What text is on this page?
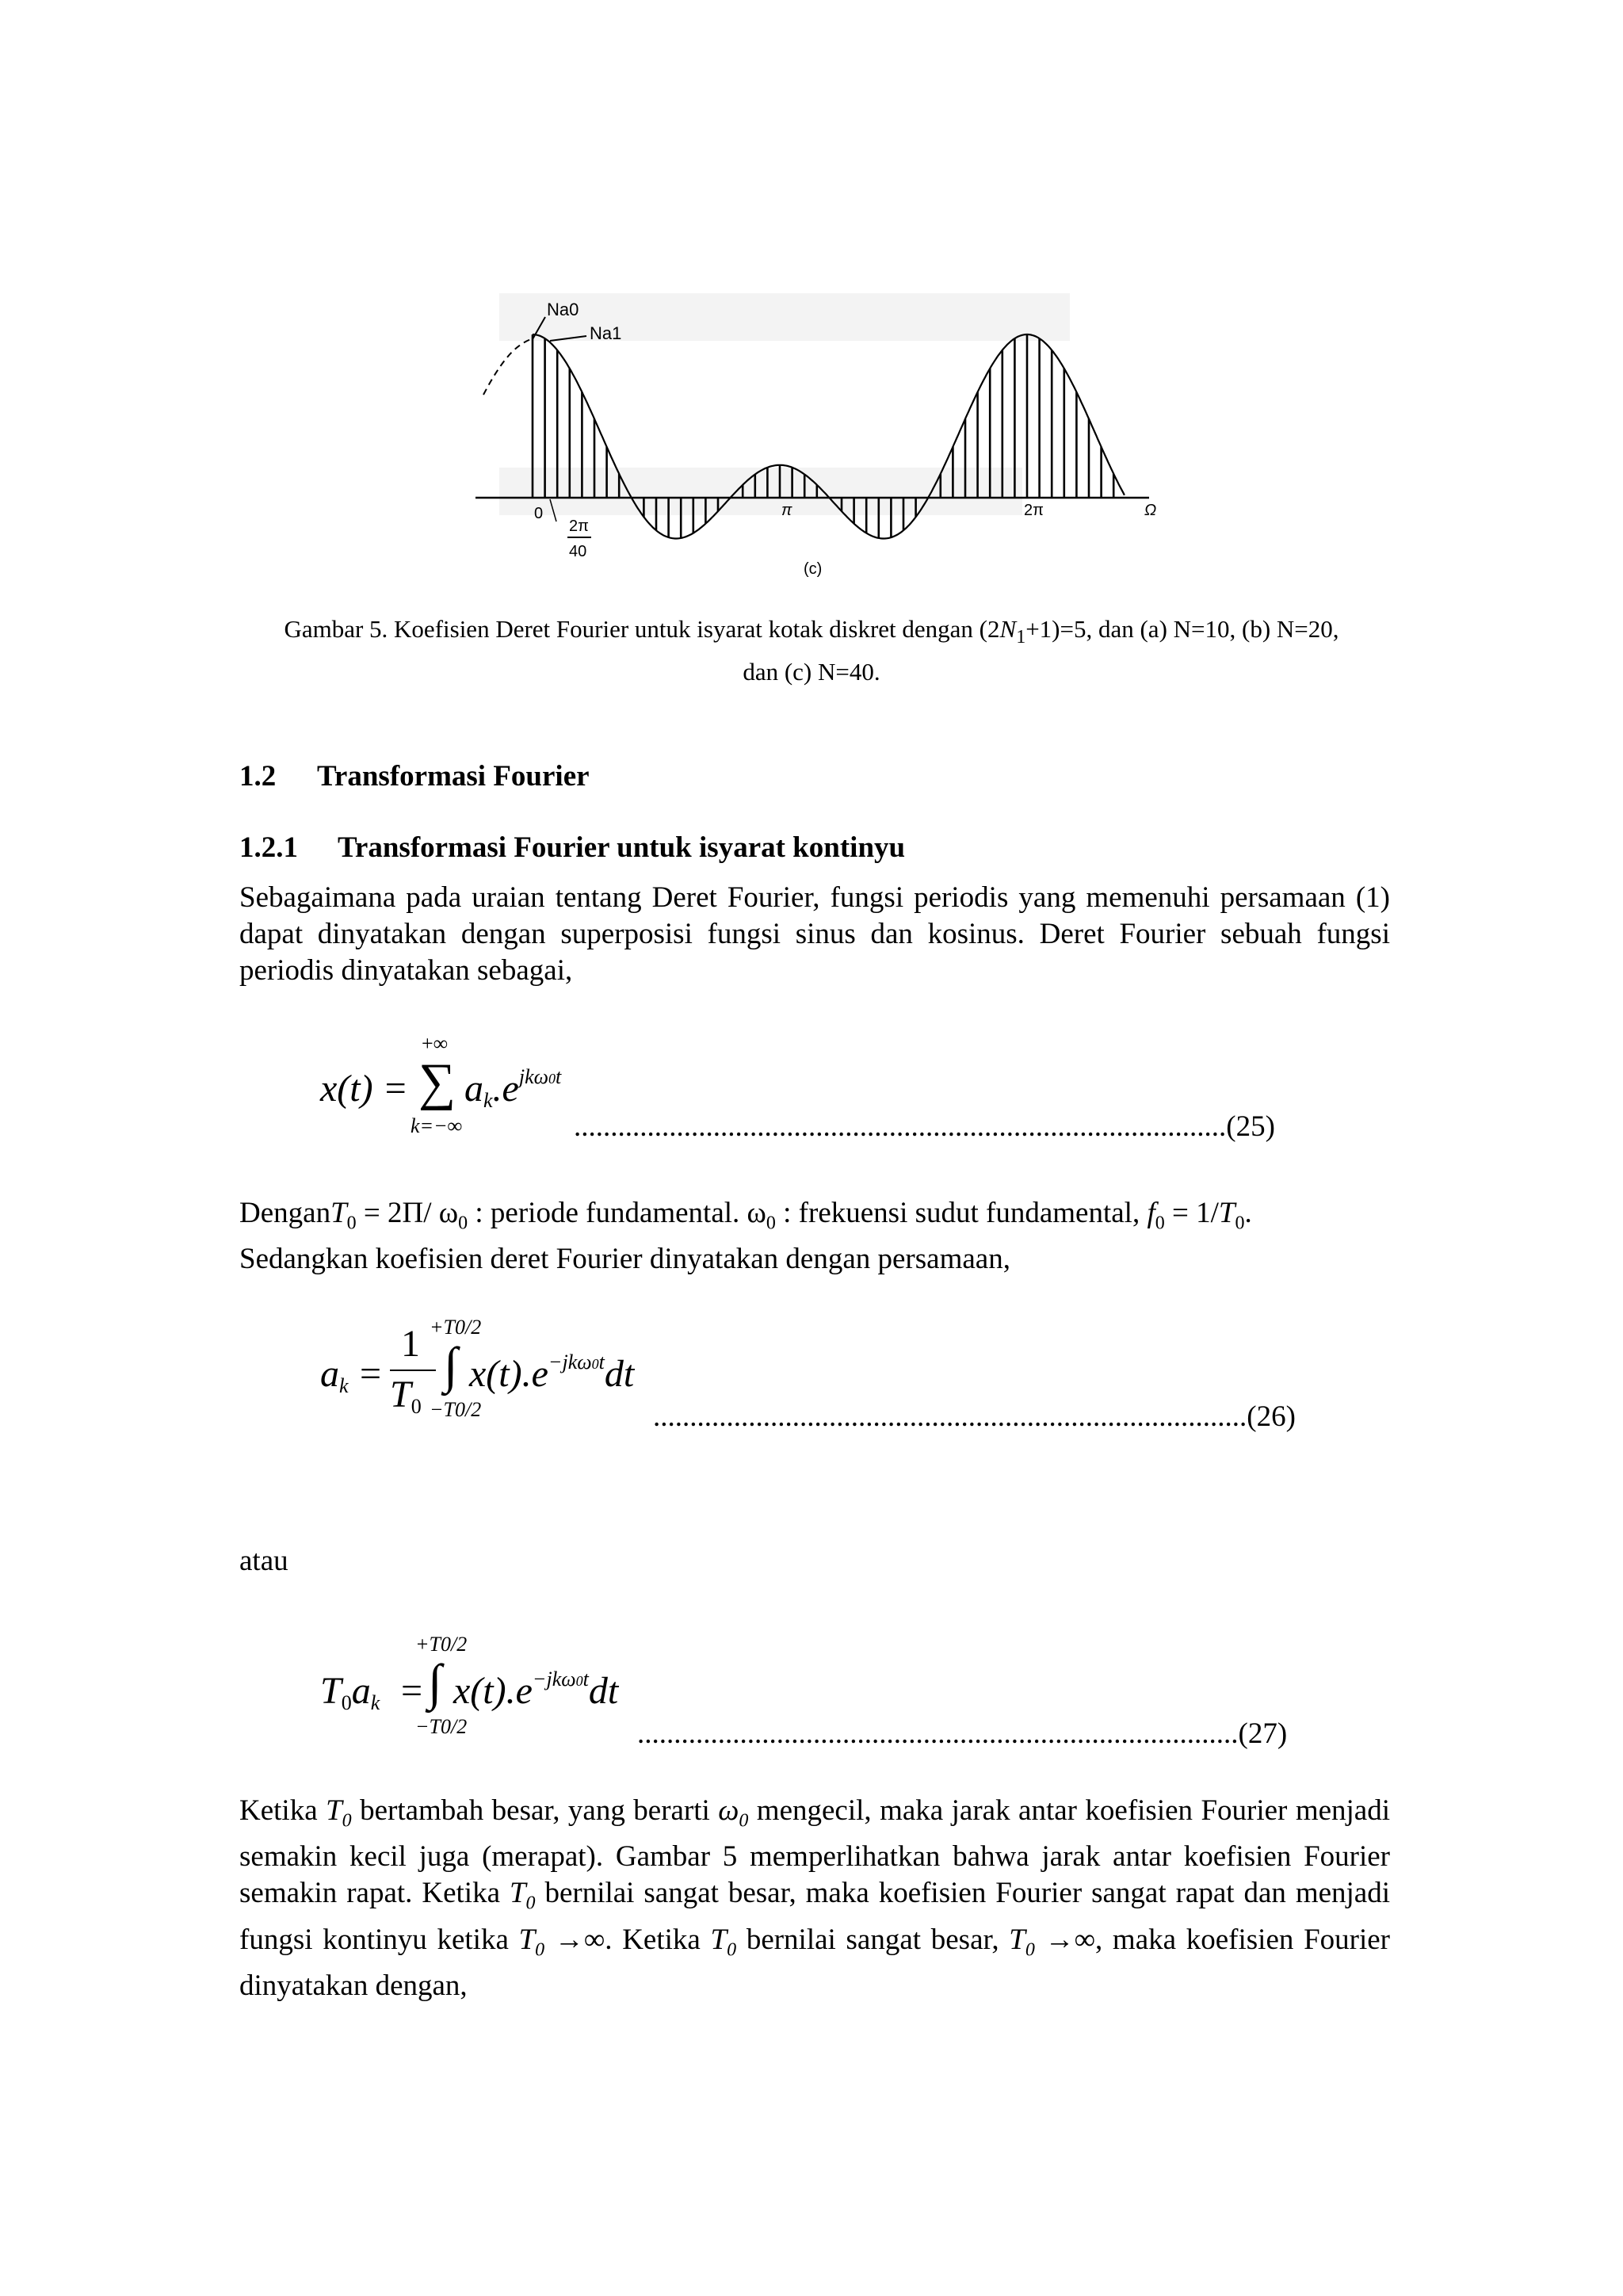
Na0
Na1
0	π	2π	Ω
2π
40
(c)
Gambar 5. Koefisien Deret Fourier untuk isyarat kotak diskret dengan $(2N_1+1)=5$, dan (a) N=10, (b) N=20,
dan (c) N=40.
1.2 Transformasi Fourier
1.2.1 Transformasi Fourier untuk isyarat kontinyu

Sebagaimana pada uraian tentang Deret Fourier, fungsi periodis yang memenuhi persamaan (1) dapat dinyatakan dengan superposisi fungsi sinus dan kosinus. Deret Fourier sebuah fungsi periodis dinyatakan sebagai,

x(t) =
+∞
∑
k=−∞
$ak.e^{jk\omega 0t}$
.........................................................................................(25)

DenganT$_0$ = 2Π/ $\omega_0$ : periode fundamental. $\omega_0$ : frekuensi sudut fundamental, $f_0 = 1/T_0$.

Sedangkan koefisien deret Fourier dinyatakan dengan persamaan,

ak =
1
T0
+T0/2
∫
−T0/2
$x(t).e^{-jk\omega 0t}dt$
.................................................................................(26)
atau
T0ak =
+T0/2
∫
−T0/2
$x(t).e^{-jk\omega 0t}dt$
..................................................................................(27)

Ketika $T_0$ bertambah besar, yang berarti $\omega_0$ mengecil, maka jarak antar koefisien Fourier menjadi semakin kecil juga (merapat). Gambar 5 memperlihatkan bahwa jarak antar koefisien Fourier semakin rapat. Ketika $T_0$ bernilai sangat besar, maka koefisien Fourier sangat rapat dan menjadi fungsi kontinyu ketika $T_0$ →∞. Ketika $T_0$ bernilai sangat besar, $T_0$ →∞, maka koefisien Fourier dinyatakan dengan,
